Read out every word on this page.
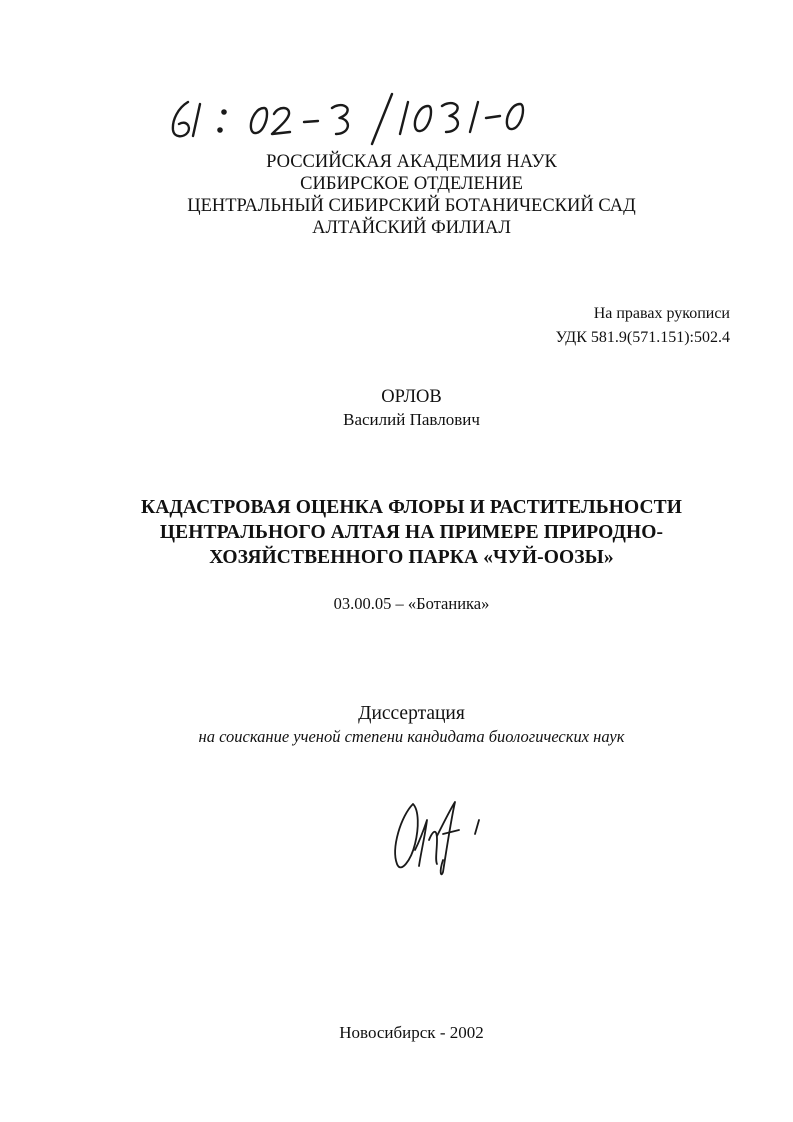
РОССИЙСКАЯ АКАДЕМИЯ НАУК
СИБИРСКОЕ ОТДЕЛЕНИЕ
ЦЕНТРАЛЬНЫЙ СИБИРСКИЙ БОТАНИЧЕСКИЙ САД
АЛТАЙСКИЙ ФИЛИАЛ
На правах рукописи
УДК 581.9(571.151):502.4
ОРЛОВ
Василий Павлович
КАДАСТРОВАЯ ОЦЕНКА ФЛОРЫ И РАСТИТЕЛЬНОСТИ
ЦЕНТРАЛЬНОГО АЛТАЯ НА ПРИМЕРЕ ПРИРОДНО-
ХОЗЯЙСТВЕННОГО ПАРКА «ЧУЙ-ООЗЫ»
03.00.05 – «Ботаника»
Диссертация
на соискание ученой степени кандидата биологических наук
Новосибирск - 2002
